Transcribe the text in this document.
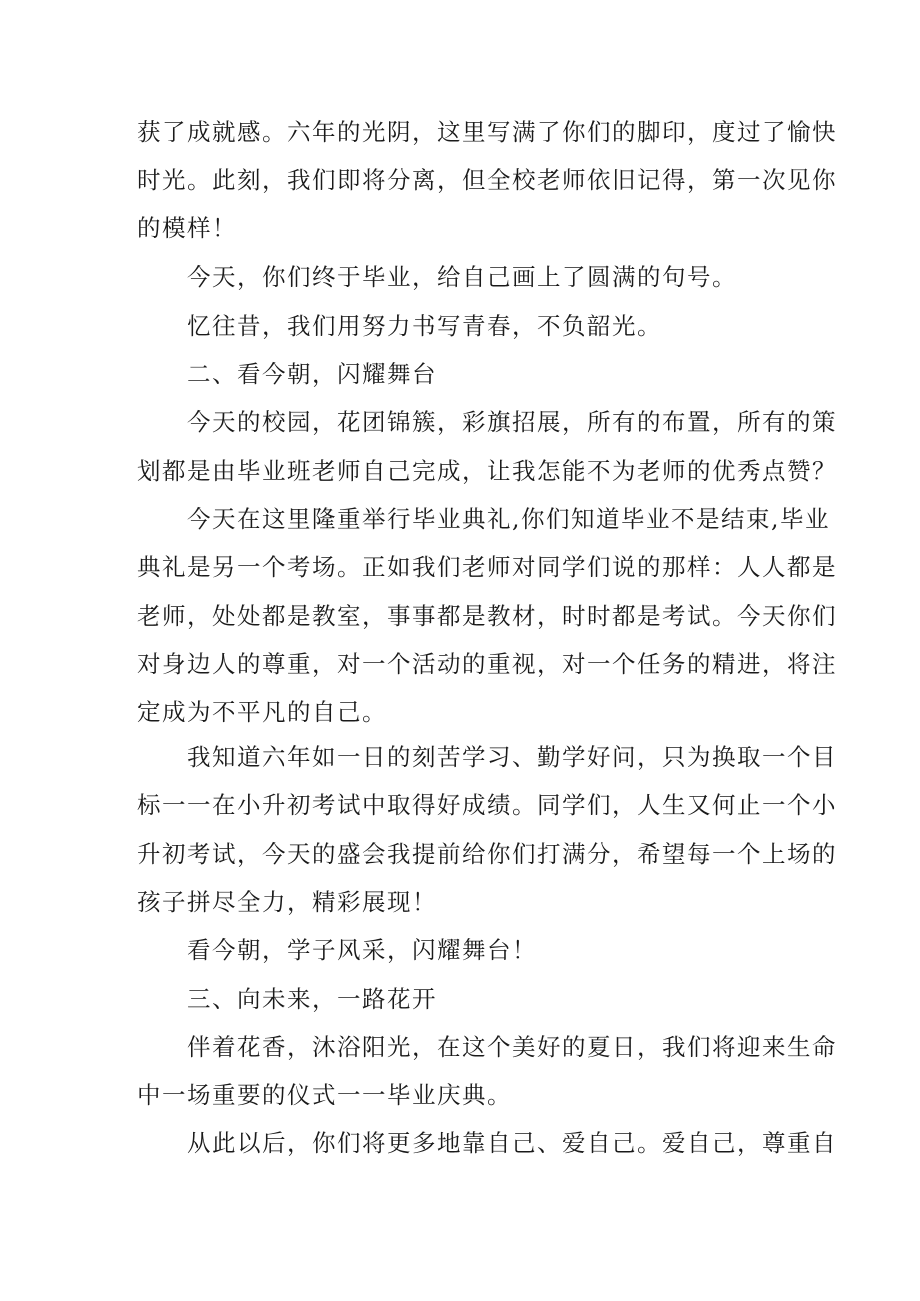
获了成就感。六年的光阴，这里写满了你们的脚印，度过了愉快
时光。此刻，我们即将分离，但全校老师依旧记得，第一次见你
的模样！
今天，你们终于毕业，给自己画上了圆满的句号。
忆往昔，我们用努力书写青春，不负韶光。
二、看今朝，闪耀舞台
今天的校园，花团锦簇，彩旗招展，所有的布置，所有的策
划都是由毕业班老师自己完成，让我怎能不为老师的优秀点赞？
今天在这里隆重举行毕业典礼,你们知道毕业不是结束,毕业
典礼是另一个考场。正如我们老师对同学们说的那样：人人都是
老师，处处都是教室，事事都是教材，时时都是考试。今天你们
对身边人的尊重，对一个活动的重视，对一个任务的精进，将注
定成为不平凡的自己。
我知道六年如一日的刻苦学习、勤学好问，只为换取一个目
标一一在小升初考试中取得好成绩。同学们，人生又何止一个小
升初考试，今天的盛会我提前给你们打满分，希望每一个上场的
孩子拼尽全力，精彩展现！
看今朝，学子风采，闪耀舞台！
三、向未来，一路花开
伴着花香，沐浴阳光，在这个美好的夏日，我们将迎来生命
中一场重要的仪式一一毕业庆典。
从此以后，你们将更多地靠自己、爱自己。爱自己，尊重自
